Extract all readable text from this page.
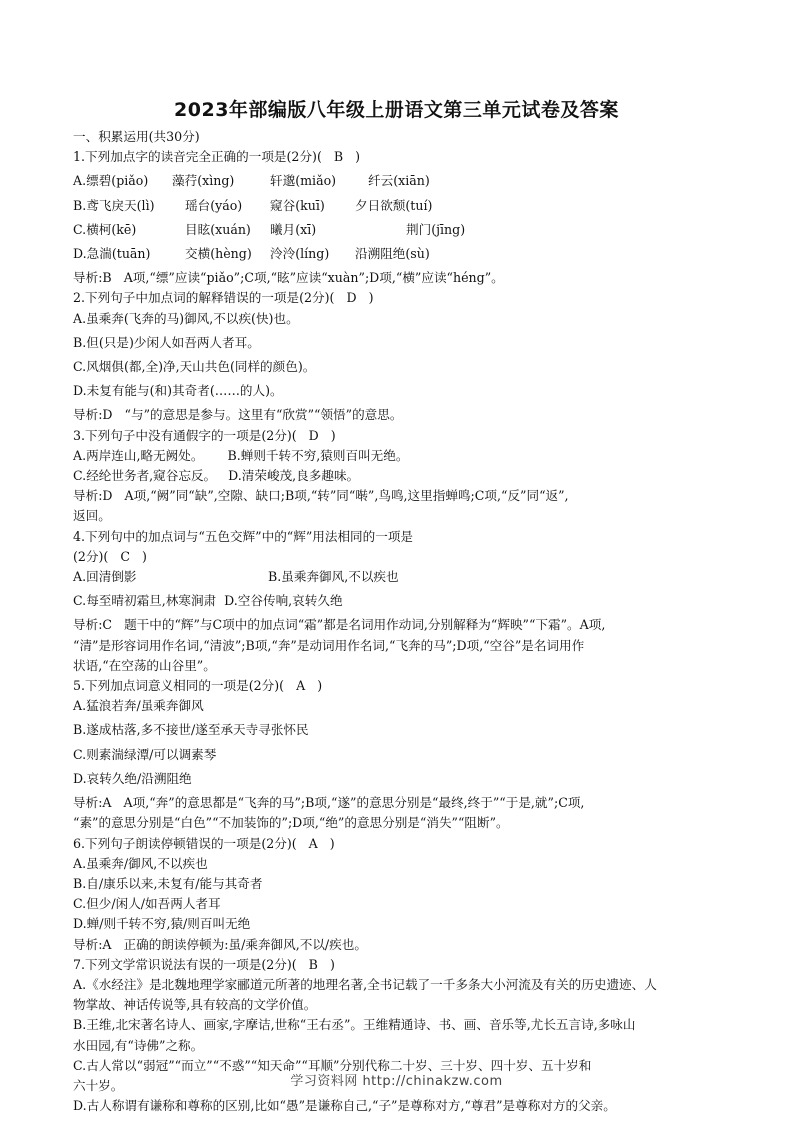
2023年部编版八年级上册语文第三单元试卷及答案

一、积累运用(共30分)

1.下列加点字的读音完全正确的一项是(2分)(   B   )

A.缥碧(piǎo)	藻荇(xìng)	轩邈(miǎo)	纤云(xiān)
B.鸢飞戾天(lì)	瑶台(yáo)	窥谷(kuī)	夕日欲颓(tuí)
C.横柯(kē)	目眩(xuán)	曦月(xī)	荆门(jīng)
D.急湍(tuān)	交横(hèng)	泠泠(líng)	沿溯阻绝(sù)

导析:B   A项,“缥”应读“piǎo”;C项,“眩”应读“xuàn”;D项,“横”应读“héng”。

2.下列句子中加点词的解释错误的一项是(2分)(   D   )

A.虽乘奔(飞奔的马)御风,不以疾(快)也。

B.但(只是)少闲人如吾两人者耳。

C.风烟俱(都,全)净,天山共色(同样的颜色)。

D.未复有能与(和)其奇者(……的人)。

导析:D   “与”的意思是参与。这里有“欣赏”“领悟”的意思。

3.下列句子中没有通假字的一项是(2分)(   D   )

A.两岸连山,略无阙处。      B.蝉则千转不穷,猿则百叫无绝。

C.经纶世务者,窥谷忘反。   D.清荣峻茂,良多趣味。

导析:D   A项,“阙”同“缺”,空隙、缺口;B项,“转”同“啭”,鸟鸣,这里指蝉鸣;C项,“反”同“返”,

返回。

4.下列句中的加点词与“五色交辉”中的“辉”用法相同的一项是

(2分)(   C   )

A.回清倒影	B.虽乘奔御风,不以疾也

C.每至晴初霜旦,林寒涧肃  D.空谷传响,哀转久绝

导析:C   题干中的“辉”与C项中的加点词“霜”都是名词用作动词,分别解释为“辉映”“下霜”。A项,

“清”是形容词用作名词,“清波”;B项,“奔”是动词用作名词,“飞奔的马”;D项,“空谷”是名词用作

状语,“在空荡的山谷里”。

5.下列加点词意义相同的一项是(2分)(   A   )

A.猛浪若奔/虽乘奔御风

B.遂成枯落,多不接世/遂至承天寺寻张怀民

C.则素湍绿潭/可以调素琴

D.哀转久绝/沿溯阻绝

导析:A   A项,“奔”的意思都是“飞奔的马”;B项,“遂”的意思分别是“最终,终于”“于是,就”;C项,

“素”的意思分别是“白色”“不加装饰的”;D项,“绝”的意思分别是“消失”“阻断”。

6.下列句子朗读停顿错误的一项是(2分)(   A   )

A.虽乘奔/御风,不以疾也

B.自/康乐以来,未复有/能与其奇者

C.但少/闲人/如吾两人者耳

D.蝉/则千转不穷,猿/则百叫无绝

导析:A   正确的朗读停顿为:虽/乘奔御风,不以/疾也。

7.下列文学常识说法有误的一项是(2分)(   B   )

A.《水经注》是北魏地理学家郦道元所著的地理名著,全书记载了一千多条大小河流及有关的历史遗迹、人

物掌故、神话传说等,具有较高的文学价值。

B.王维,北宋著名诗人、画家,字摩诘,世称“王右丞”。王维精通诗、书、画、音乐等,尤长五言诗,多咏山

水田园,有“诗佛”之称。

C.古人常以“弱冠”“而立”“不惑”“知天命”“耳顺”分别代称二十岁、三十岁、四十岁、五十岁和

六十岁。

D.古人称谓有谦称和尊称的区别,比如“愚”是谦称自己,“子”是尊称对方,“尊君”是尊称对方的父亲。

学习资料网 http://chinakzw.com
